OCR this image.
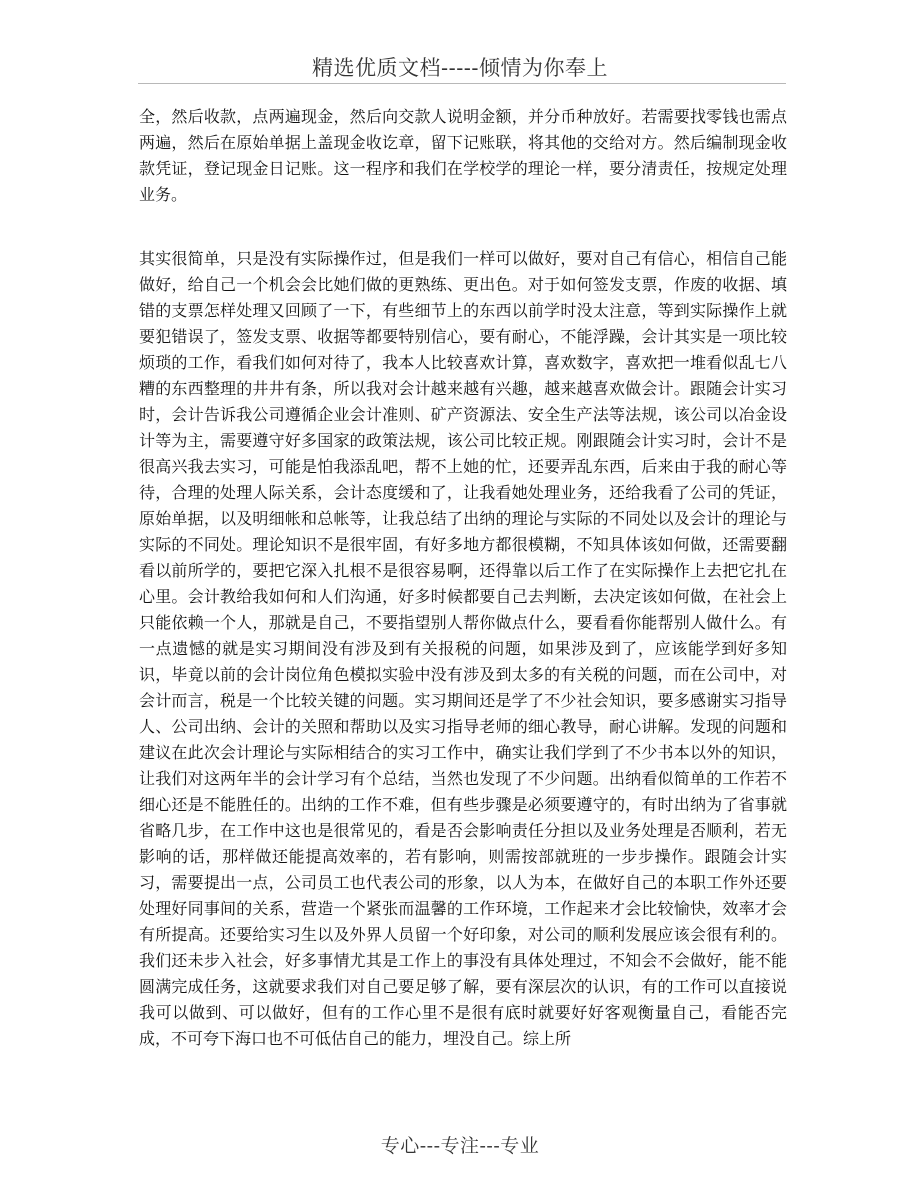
精选优质文档-----倾情为你奉上

全，然后收款，点两遍现金，然后向交款人说明金额，并分币种放好。若需要找零钱也需点两遍，然后在原始单据上盖现金收讫章，留下记账联，将其他的交给对方。然后编制现金收款凭证，登记现金日记账。这一程序和我们在学校学的理论一样，要分清责任，按规定处理业务。

其实很简单，只是没有实际操作过，但是我们一样可以做好，要对自己有信心，相信自己能做好，给自己一个机会会比她们做的更熟练、更出色。对于如何签发支票，作废的收据、填错的支票怎样处理又回顾了一下，有些细节上的东西以前学时没太注意，等到实际操作上就要犯错误了，签发支票、收据等都要特别信心，要有耐心，不能浮躁，会计其实是一项比较烦琐的工作，看我们如何对待了，我本人比较喜欢计算，喜欢数字，喜欢把一堆看似乱七八糟的东西整理的井井有条，所以我对会计越来越有兴趣，越来越喜欢做会计。跟随会计实习时，会计告诉我公司遵循企业会计准则、矿产资源法、安全生产法等法规，该公司以冶金设计等为主，需要遵守好多国家的政策法规，该公司比较正规。刚跟随会计实习时，会计不是很高兴我去实习，可能是怕我添乱吧，帮不上她的忙，还要弄乱东西，后来由于我的耐心等待，合理的处理人际关系，会计态度缓和了，让我看她处理业务，还给我看了公司的凭证，原始单据，以及明细帐和总帐等，让我总结了出纳的理论与实际的不同处以及会计的理论与实际的不同处。理论知识不是很牢固，有好多地方都很模糊，不知具体该如何做，还需要翻看以前所学的，要把它深入扎根不是很容易啊，还得靠以后工作了在实际操作上去把它扎在心里。会计教给我如何和人们沟通，好多时候都要自己去判断，去决定该如何做，在社会上只能依赖一个人，那就是自己，不要指望别人帮你做点什么，要看看你能帮别人做什么。有一点遗憾的就是实习期间没有涉及到有关报税的问题，如果涉及到了，应该能学到好多知识，毕竟以前的会计岗位角色模拟实验中没有涉及到太多的有关税的问题，而在公司中，对会计而言，税是一个比较关键的问题。实习期间还是学了不少社会知识，要多感谢实习指导人、公司出纳、会计的关照和帮助以及实习指导老师的细心教导，耐心讲解。发现的问题和建议在此次会计理论与实际相结合的实习工作中，确实让我们学到了不少书本以外的知识，让我们对这两年半的会计学习有个总结，当然也发现了不少问题。出纳看似简单的工作若不细心还是不能胜任的。出纳的工作不难，但有些步骤是必须要遵守的，有时出纳为了省事就省略几步，在工作中这也是很常见的，看是否会影响责任分担以及业务处理是否顺利，若无影响的话，那样做还能提高效率的，若有影响，则需按部就班的一步步操作。跟随会计实习，需要提出一点，公司员工也代表公司的形象，以人为本，在做好自己的本职工作外还要处理好同事间的关系，营造一个紧张而温馨的工作环境，工作起来才会比较愉快，效率才会有所提高。还要给实习生以及外界人员留一个好印象，对公司的顺利发展应该会很有利的。我们还未步入社会，好多事情尤其是工作上的事没有具体处理过，不知会不会做好，能不能圆满完成任务，这就要求我们对自己要足够了解，要有深层次的认识，有的工作可以直接说我可以做到、可以做好，但有的工作心里不是很有底时就要好好客观衡量自己，看能否完成，不可夸下海口也不可低估自己的能力，埋没自己。综上所

专心---专注---专业
